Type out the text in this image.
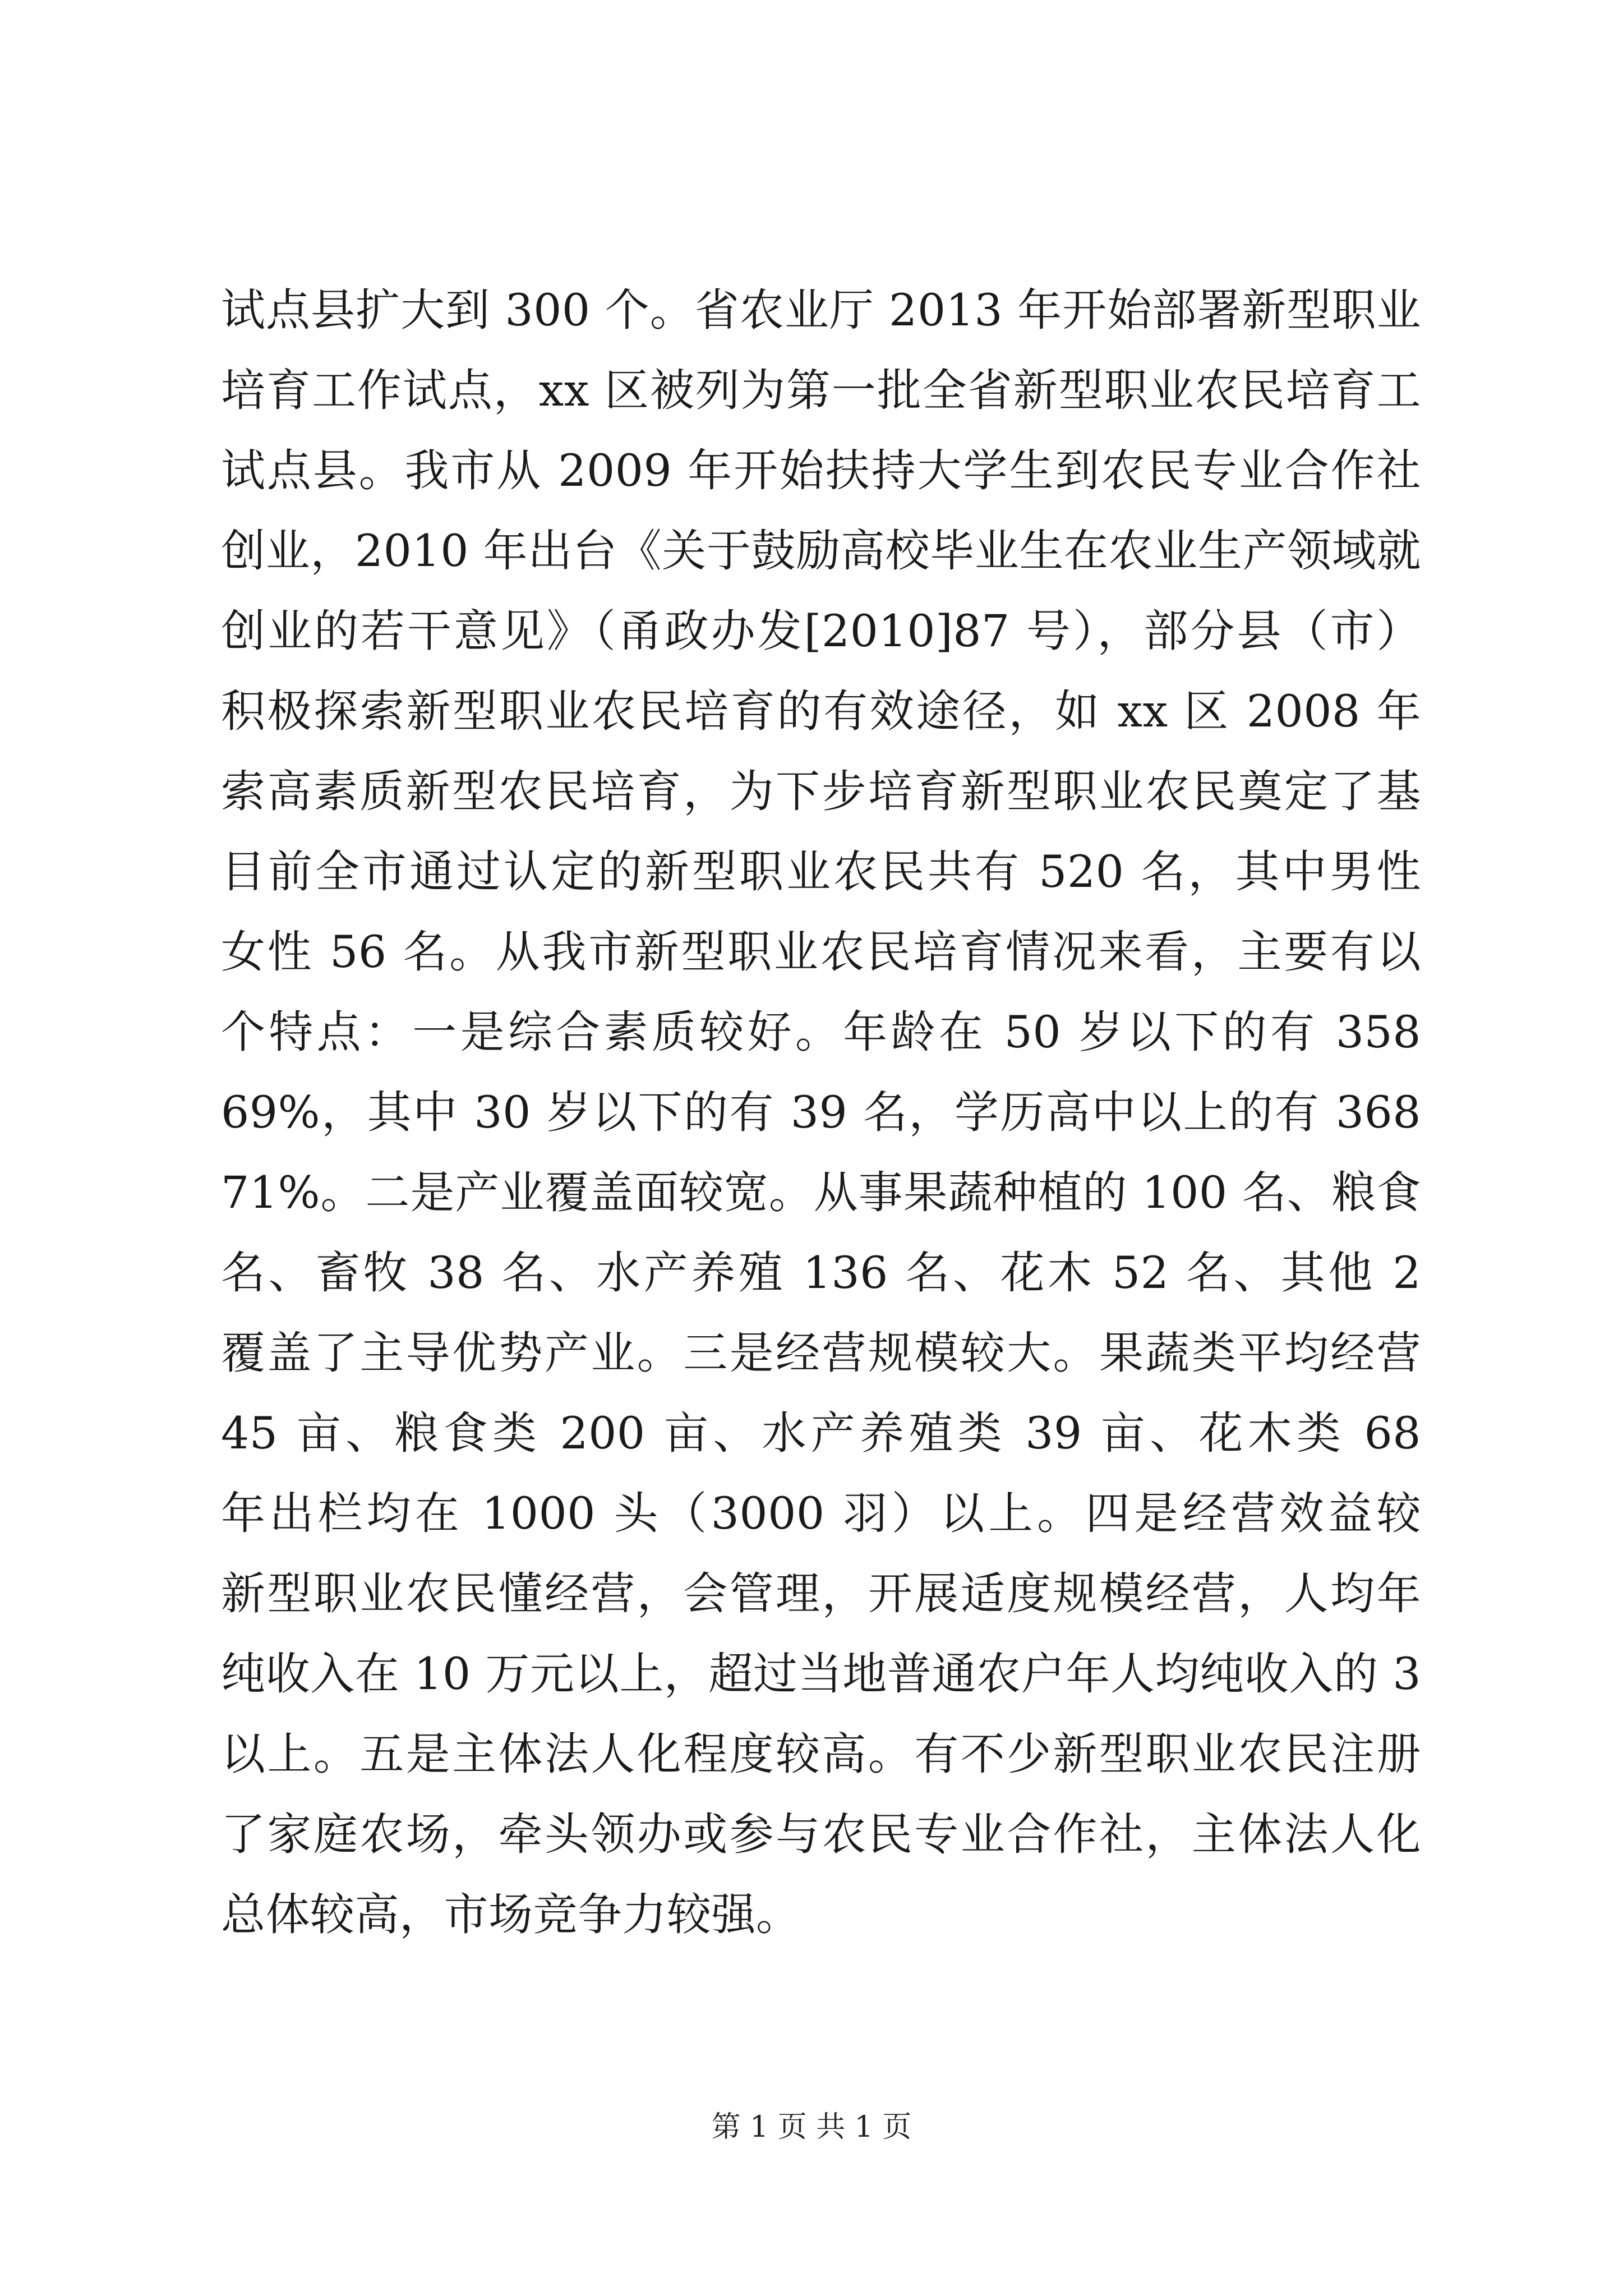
试点县扩大到 300 个。省农业厅 2013 年开始部署新型职业
培育工作试点，xx 区被列为第一批全省新型职业农民培育工
试点县。我市从 2009 年开始扶持大学生到农民专业合作社
创业，2010 年出台《关于鼓励高校毕业生在农业生产领域就
创业的若干意见》（甬政办发[2010]87 号），部分县（市）
积极探索新型职业农民培育的有效途径，如 xx 区 2008 年
索高素质新型农民培育，为下步培育新型职业农民奠定了基
目前全市通过认定的新型职业农民共有 520 名，其中男性
女性 56 名。从我市新型职业农民培育情况来看，主要有以
个特点：一是综合素质较好。年龄在 50 岁以下的有 358
69%，其中 30 岁以下的有 39 名，学历高中以上的有 368
71%。二是产业覆盖面较宽。从事果蔬种植的 100 名、粮食
名、畜牧 38 名、水产养殖 136 名、花木 52 名、其他 2
覆盖了主导优势产业。三是经营规模较大。果蔬类平均经营
45 亩、粮食类 200 亩、水产养殖类 39 亩、花木类 68
年出栏均在 1000 头（3000 羽）以上。四是经营效益较
新型职业农民懂经营，会管理，开展适度规模经营，人均年
纯收入在 10 万元以上，超过当地普通农户年人均纯收入的 3
以上。五是主体法人化程度较高。有不少新型职业农民注册
了家庭农场，牵头领办或参与农民专业合作社，主体法人化
总体较高，市场竞争力较强。
第 1 页 共 1 页
